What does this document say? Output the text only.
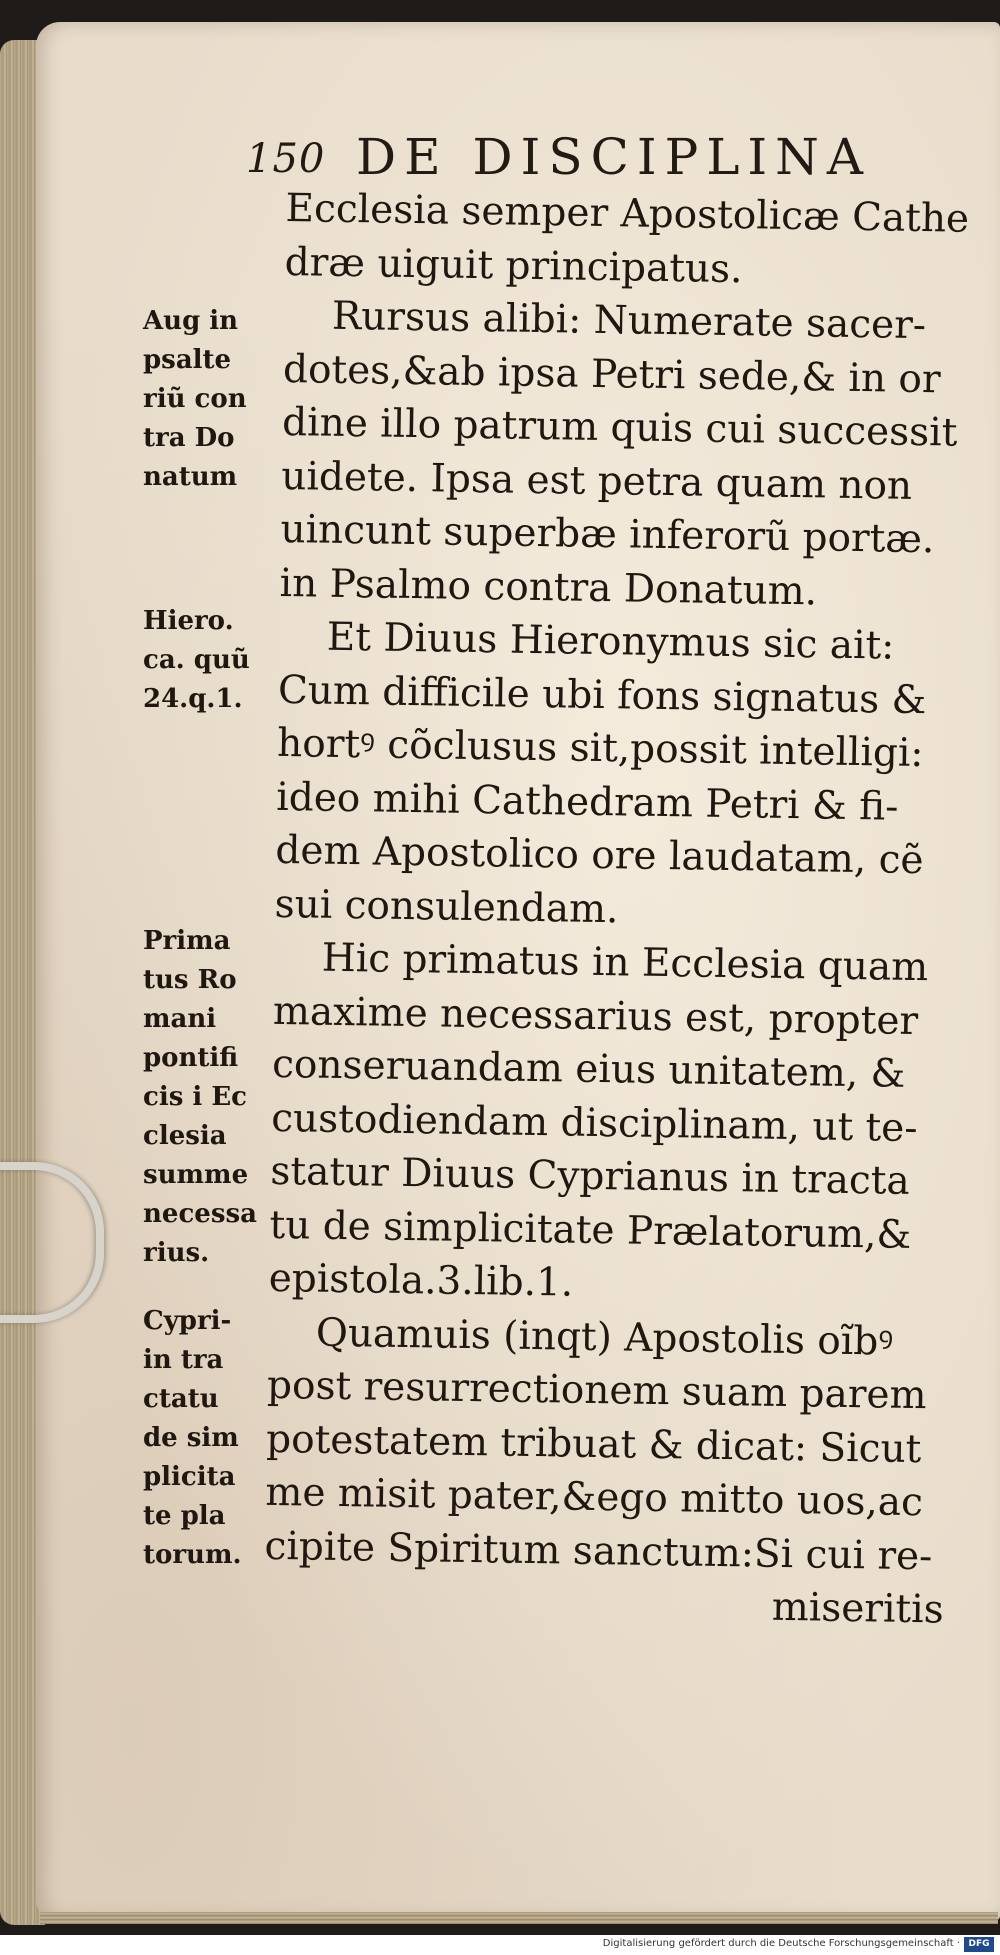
150 DE DISCIPLINA
Ecclesia semper Apostolicæ Cathe
dræ uiguit principatus.
Rursus alibi: Numerate sacer-
dotes,&ab ipsa Petri sede,& in or
dine illo patrum quis cui successit
uidete. Ipsa est petra quam non
uincunt superbæ inferorũ portæ.
in Psalmo contra Donatum.
Et Diuus Hieronymus sic ait:
Cum difficile ubi fons signatus &
hortꝰ cõclusus sit,possit intelligi:
ideo mihi Cathedram Petri & fi-
dem Apostolico ore laudatam, cẽ
sui consulendam.
Hic primatus in Ecclesia quam
maxime necessarius est, propter
conseruandam eius unitatem, &
custodiendam disciplinam, ut te-
statur Diuus Cyprianus in tracta
tu de simplicitate Prælatorum,&
epistola.3.lib.1.
Quamuis (inqt) Apostolis oĩbꝰ
post resurrectionem suam parem
potestatem tribuat & dicat: Sicut
me misit pater,&ego mitto uos,ac
cipite Spiritum sanctum:Si cui re-
miseritis
Aug in
psalte
riũ con
tra Do
natum
Hiero.
ca. quũ
24.q.1.
Prima
tus Ro
mani
pontifi
cis i Ec
clesia
summe
necessa
rius.
Cypri-
in tra
ctatu
de sim
plicita
te pla
torum.
Digitalisierung gefördert durch die Deutsche Forschungsgemeinschaft · DFG
